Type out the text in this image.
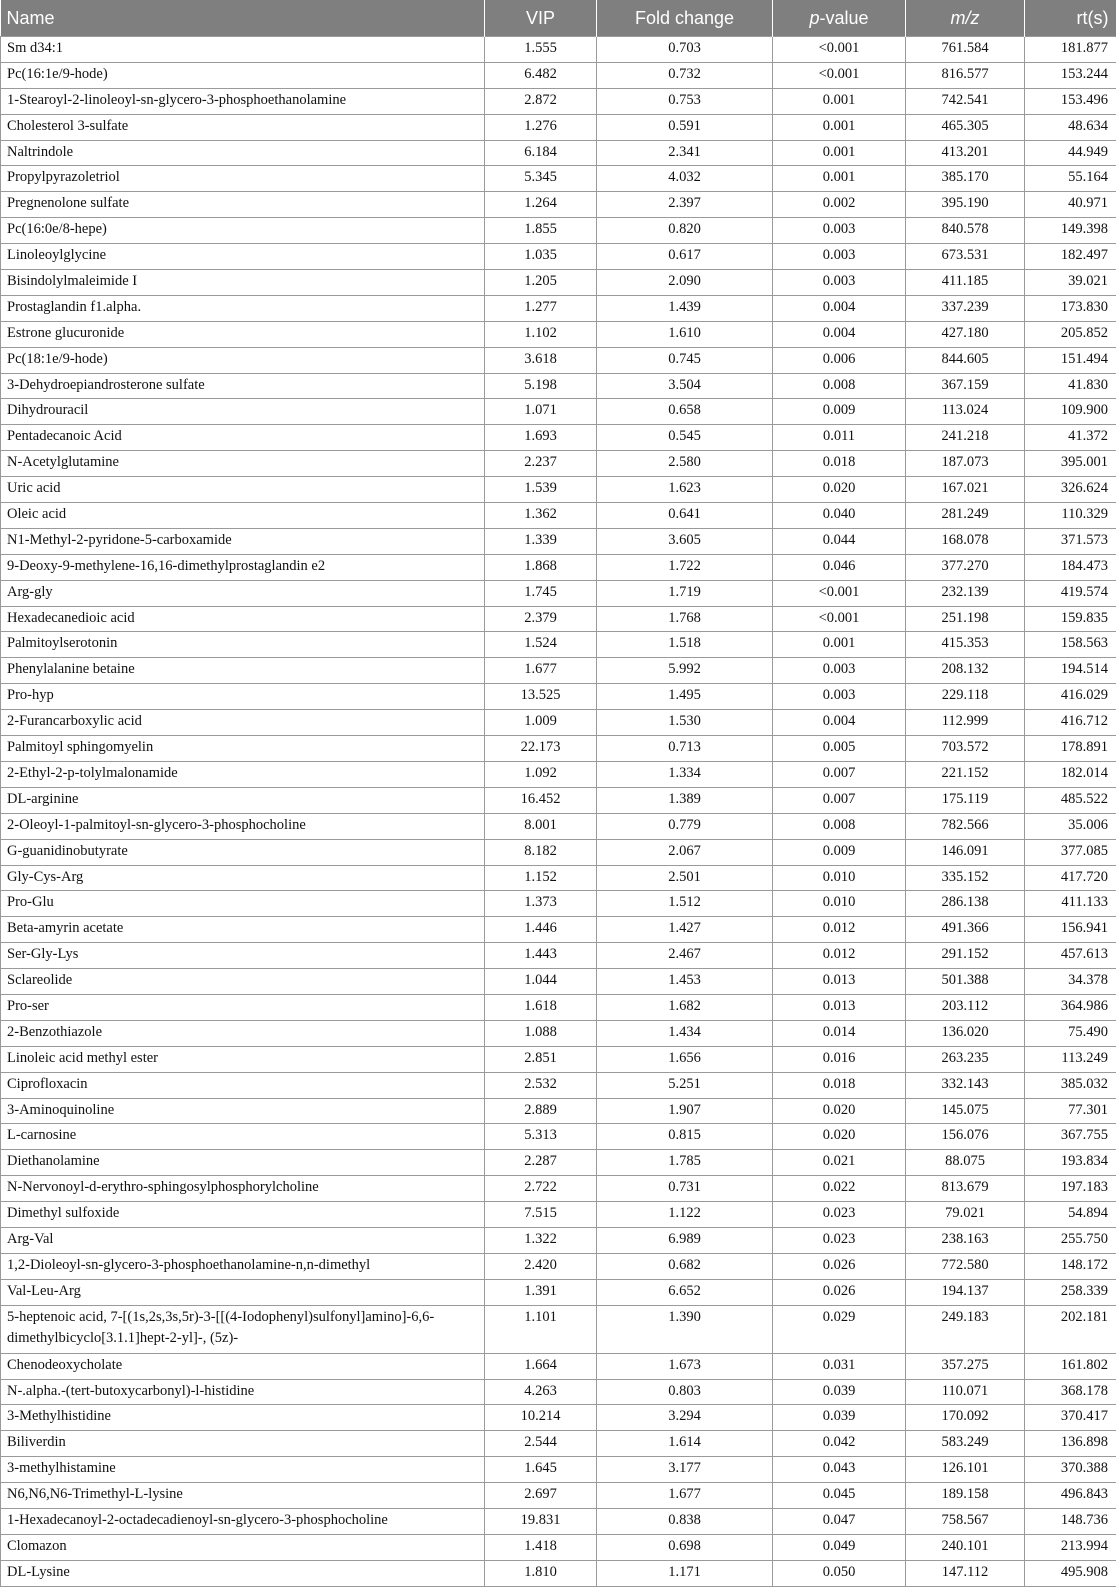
Name	VIP	Fold change	p-value	m/z	rt(s)
Sm d34:1	1.555	0.703	<0.001	761.584	181.877
Pc(16:1e/9-hode)	6.482	0.732	<0.001	816.577	153.244
1-Stearoyl-2-linoleoyl-sn-glycero-3-phosphoethanolamine	2.872	0.753	0.001	742.541	153.496
Cholesterol 3-sulfate	1.276	0.591	0.001	465.305	48.634
Naltrindole	6.184	2.341	0.001	413.201	44.949
Propylpyrazoletriol	5.345	4.032	0.001	385.170	55.164
Pregnenolone sulfate	1.264	2.397	0.002	395.190	40.971
Pc(16:0e/8-hepe)	1.855	0.820	0.003	840.578	149.398
Linoleoylglycine	1.035	0.617	0.003	673.531	182.497
Bisindolylmaleimide I	1.205	2.090	0.003	411.185	39.021
Prostaglandin f1.alpha.	1.277	1.439	0.004	337.239	173.830
Estrone glucuronide	1.102	1.610	0.004	427.180	205.852
Pc(18:1e/9-hode)	3.618	0.745	0.006	844.605	151.494
3-Dehydroepiandrosterone sulfate	5.198	3.504	0.008	367.159	41.830
Dihydrouracil	1.071	0.658	0.009	113.024	109.900
Pentadecanoic Acid	1.693	0.545	0.011	241.218	41.372
N-Acetylglutamine	2.237	2.580	0.018	187.073	395.001
Uric acid	1.539	1.623	0.020	167.021	326.624
Oleic acid	1.362	0.641	0.040	281.249	110.329
N1-Methyl-2-pyridone-5-carboxamide	1.339	3.605	0.044	168.078	371.573
9-Deoxy-9-methylene-16,16-dimethylprostaglandin e2	1.868	1.722	0.046	377.270	184.473
Arg-gly	1.745	1.719	<0.001	232.139	419.574
Hexadecanedioic acid	2.379	1.768	<0.001	251.198	159.835
Palmitoylserotonin	1.524	1.518	0.001	415.353	158.563
Phenylalanine betaine	1.677	5.992	0.003	208.132	194.514
Pro-hyp	13.525	1.495	0.003	229.118	416.029
2-Furancarboxylic acid	1.009	1.530	0.004	112.999	416.712
Palmitoyl sphingomyelin	22.173	0.713	0.005	703.572	178.891
2-Ethyl-2-p-tolylmalonamide	1.092	1.334	0.007	221.152	182.014
DL-arginine	16.452	1.389	0.007	175.119	485.522
2-Oleoyl-1-palmitoyl-sn-glycero-3-phosphocholine	8.001	0.779	0.008	782.566	35.006
G-guanidinobutyrate	8.182	2.067	0.009	146.091	377.085
Gly-Cys-Arg	1.152	2.501	0.010	335.152	417.720
Pro-Glu	1.373	1.512	0.010	286.138	411.133
Beta-amyrin acetate	1.446	1.427	0.012	491.366	156.941
Ser-Gly-Lys	1.443	2.467	0.012	291.152	457.613
Sclareolide	1.044	1.453	0.013	501.388	34.378
Pro-ser	1.618	1.682	0.013	203.112	364.986
2-Benzothiazole	1.088	1.434	0.014	136.020	75.490
Linoleic acid methyl ester	2.851	1.656	0.016	263.235	113.249
Ciprofloxacin	2.532	5.251	0.018	332.143	385.032
3-Aminoquinoline	2.889	1.907	0.020	145.075	77.301
L-carnosine	5.313	0.815	0.020	156.076	367.755
Diethanolamine	2.287	1.785	0.021	88.075	193.834
N-Nervonoyl-d-erythro-sphingosylphosphorylcholine	2.722	0.731	0.022	813.679	197.183
Dimethyl sulfoxide	7.515	1.122	0.023	79.021	54.894
Arg-Val	1.322	6.989	0.023	238.163	255.750
1,2-Dioleoyl-sn-glycero-3-phosphoethanolamine-n,n-dimethyl	2.420	0.682	0.026	772.580	148.172
Val-Leu-Arg	1.391	6.652	0.026	194.137	258.339
5-heptenoic acid, 7-[(1s,2s,3s,5r)-3-[[(4-Iodophenyl)sulfonyl]amino]-6,6-dimethylbicyclo[3.1.1]hept-2-yl]-, (5z)-	1.101	1.390	0.029	249.183	202.181
Chenodeoxycholate	1.664	1.673	0.031	357.275	161.802
N-.alpha.-(tert-butoxycarbonyl)-l-histidine	4.263	0.803	0.039	110.071	368.178
3-Methylhistidine	10.214	3.294	0.039	170.092	370.417
Biliverdin	2.544	1.614	0.042	583.249	136.898
3-methylhistamine	1.645	3.177	0.043	126.101	370.388
N6,N6,N6-Trimethyl-L-lysine	2.697	1.677	0.045	189.158	496.843
1-Hexadecanoyl-2-octadecadienoyl-sn-glycero-3-phosphocholine	19.831	0.838	0.047	758.567	148.736
Clomazon	1.418	0.698	0.049	240.101	213.994
DL-Lysine	1.810	1.171	0.050	147.112	495.908
